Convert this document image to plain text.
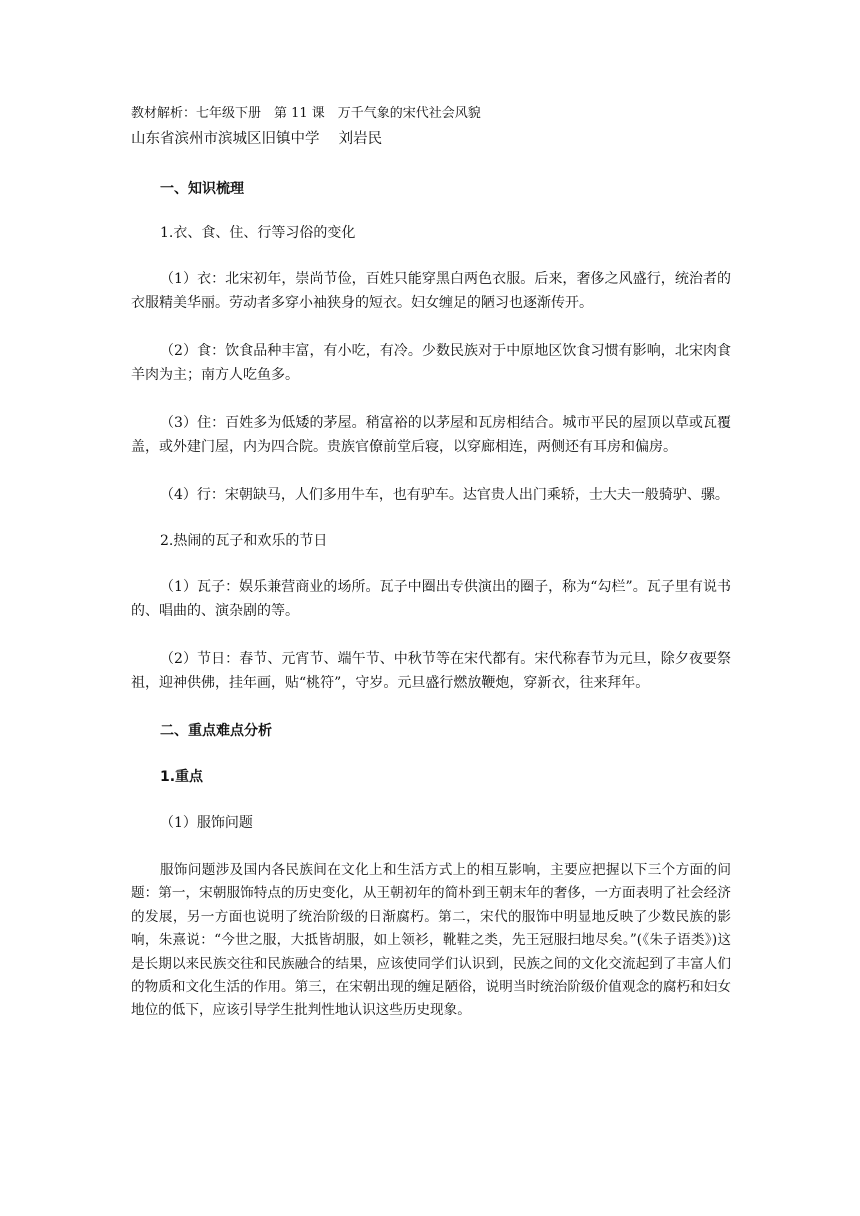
教材解析：七年级下册　第 11 课　万千气象的宋代社会风貌

山东省滨州市滨城区旧镇中学　 刘岩民

一、知识梳理

1.衣、食、住、行等习俗的变化

（1）衣：北宋初年，崇尚节俭，百姓只能穿黑白两色衣服。后来，奢侈之风盛行，统治者的衣服精美华丽。劳动者多穿小袖狭身的短衣。妇女缠足的陋习也逐渐传开。

（2）食：饮食品种丰富，有小吃，有冷。少数民族对于中原地区饮食习惯有影响，北宋肉食羊肉为主；南方人吃鱼多。

（3）住：百姓多为低矮的茅屋。稍富裕的以茅屋和瓦房相结合。城市平民的屋顶以草或瓦覆盖，或外建门屋，内为四合院。贵族官僚前堂后寝，以穿廊相连，两侧还有耳房和偏房。

（4）行：宋朝缺马，人们多用牛车，也有驴车。达官贵人出门乘轿，士大夫一般骑驴、骡。

2.热闹的瓦子和欢乐的节日

（1）瓦子：娱乐兼营商业的场所。瓦子中圈出专供演出的圈子，称为“勾栏”。瓦子里有说书的、唱曲的、演杂剧的等。

（2）节日：春节、元宵节、端午节、中秋节等在宋代都有。宋代称春节为元旦，除夕夜要祭祖，迎神供佛，挂年画，贴“桃符”，守岁。元旦盛行燃放鞭炮，穿新衣，往来拜年。

二、重点难点分析

1.重点

（1）服饰问题

服饰问题涉及国内各民族间在文化上和生活方式上的相互影响，主要应把握以下三个方面的问题：第一，宋朝服饰特点的历史变化，从王朝初年的简朴到王朝末年的奢侈，一方面表明了社会经济的发展，另一方面也说明了统治阶级的日渐腐朽。第二，宋代的服饰中明显地反映了少数民族的影响，朱熹说：“今世之服，大抵皆胡服，如上领衫，靴鞋之类，先王冠服扫地尽矣。”(《朱子语类》)这是长期以来民族交往和民族融合的结果，应该使同学们认识到，民族之间的文化交流起到了丰富人们的物质和文化生活的作用。第三，在宋朝出现的缠足陋俗，说明当时统治阶级价值观念的腐朽和妇女地位的低下，应该引导学生批判性地认识这些历史现象。
